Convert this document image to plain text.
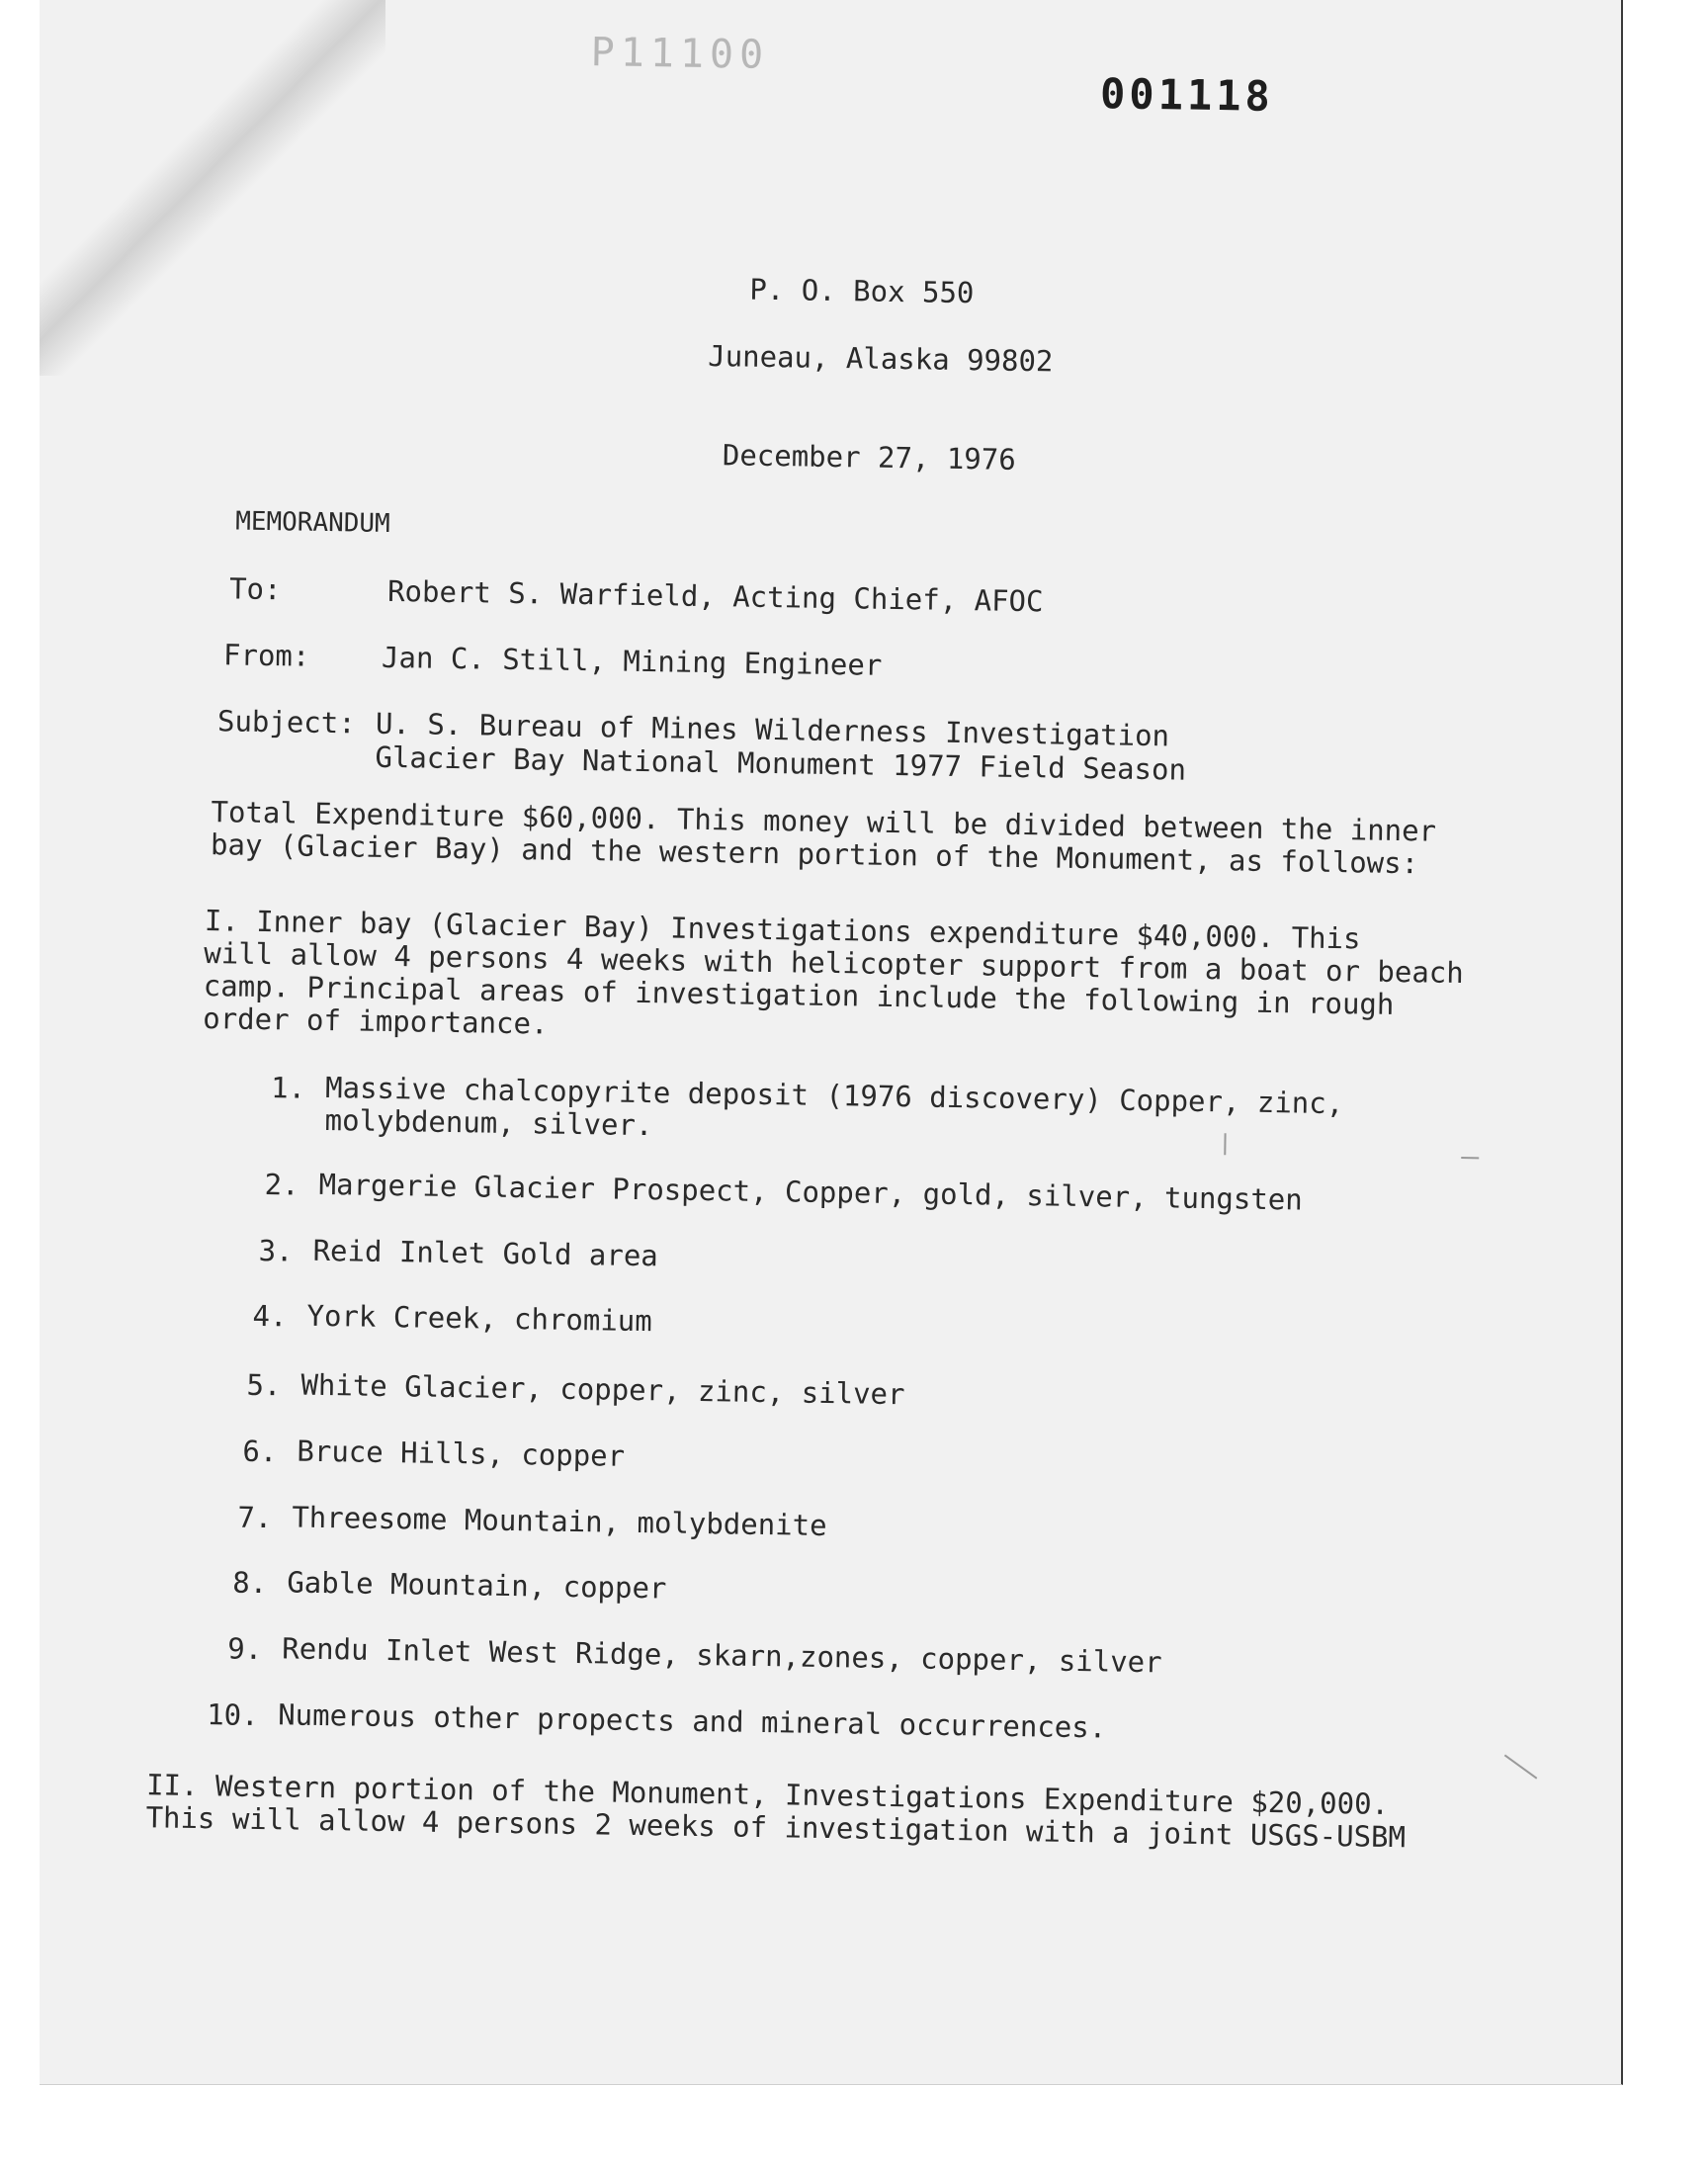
P11100
001118
P. O. Box 550
Juneau, Alaska 99802
December 27, 1976
MEMORANDUM
To:	Robert S. Warfield, Acting Chief, AFOC
From: Jan C. Still, Mining Engineer
Subject: U. S. Bureau of Mines Wilderness Investigation
Glacier Bay National Monument 1977 Field Season
Total Expenditure $60,000. This money will be divided between the inner
bay (Glacier Bay) and the western portion of the Monument, as follows:
I. Inner bay (Glacier Bay) Investigations expenditure $40,000. This
will allow 4 persons 4 weeks with helicopter support from a boat or beach
camp. Principal areas of investigation include the following in rough
order of importance.
1. Massive chalcopyrite deposit (1976 discovery) Copper, zinc,
molybdenum, silver.
2. Margerie Glacier Prospect, Copper, gold, silver, tungsten
3. Reid Inlet Gold area
4. York Creek, chromium
5. White Glacier, copper, zinc, silver
6. Bruce Hills, copper
7. Threesome Mountain, molybdenite
8. Gable Mountain, copper
9. Rendu Inlet West Ridge, skarn,zones, copper, silver
10. Numerous other propects and mineral occurrences.
II. Western portion of the Monument, Investigations Expenditure $20,000.
This will allow 4 persons 2 weeks of investigation with a joint USGS-USBM
